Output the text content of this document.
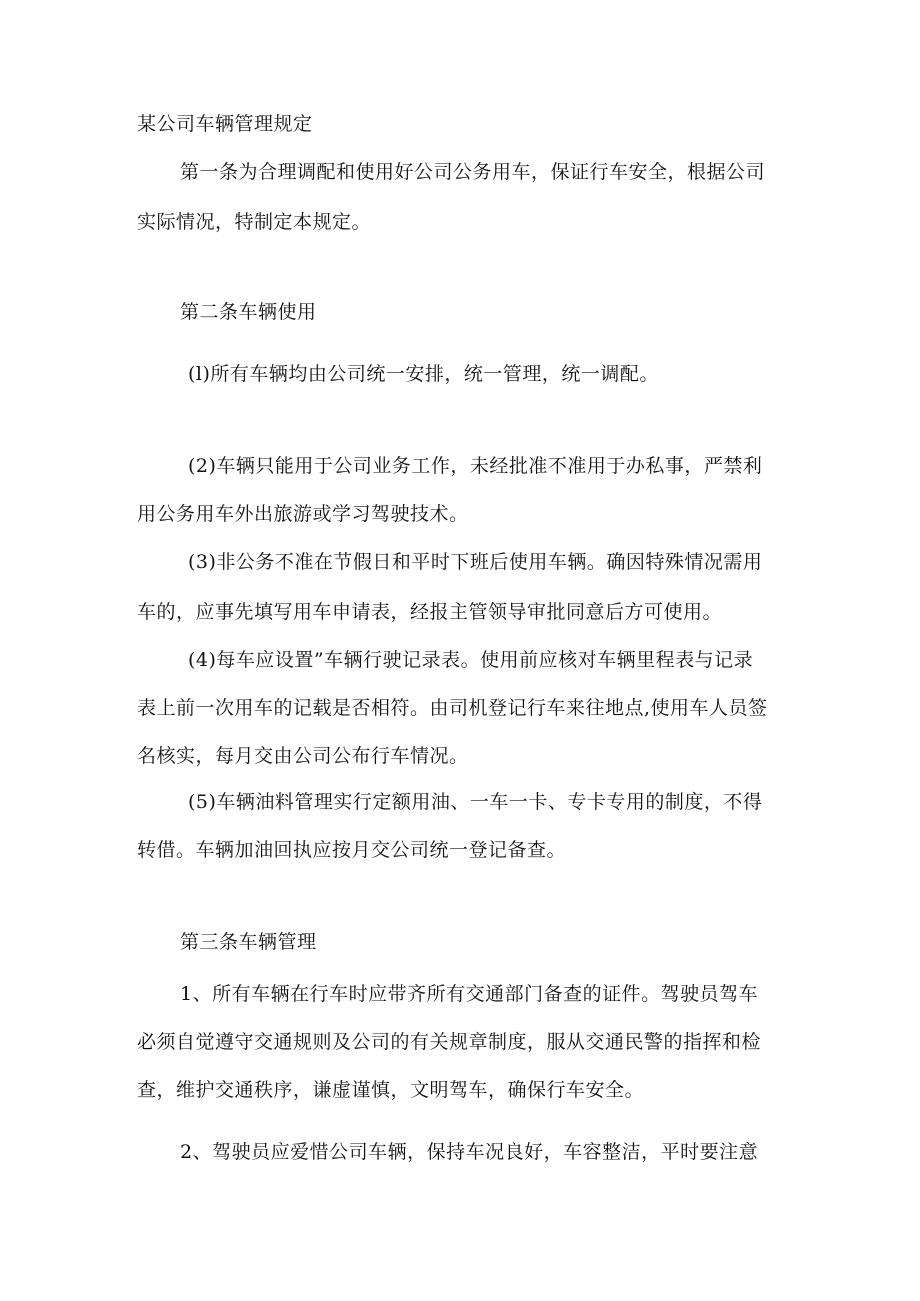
某公司车辆管理规定

第一条为合理调配和使用好公司公务用车，保证行车安全，根据公司

实际情况，特制定本规定。

第二条车辆使用

(l)所有车辆均由公司统一安排，统一管理，统一调配。

(2)车辆只能用于公司业务工作，未经批准不准用于办私事，严禁利

用公务用车外出旅游或学习驾驶技术。

(3)非公务不准在节假日和平时下班后使用车辆。确因特殊情况需用

车的，应事先填写用车申请表，经报主管领导审批同意后方可使用。

(4)每车应设置”车辆行驶记录表。使用前应核对车辆里程表与记录

表上前一次用车的记载是否相符。由司机登记行车来往地点,使用车人员签

名核实，每月交由公司公布行车情况。

(5)车辆油料管理实行定额用油、一车一卡、专卡专用的制度，不得

转借。车辆加油回执应按月交公司统一登记备查。

第三条车辆管理

1、所有车辆在行车时应带齐所有交通部门备查的证件。驾驶员驾车

必须自觉遵守交通规则及公司的有关规章制度，服从交通民警的指挥和检

查，维护交通秩序，谦虚谨慎，文明驾车，确保行车安全。

2、驾驶员应爱惜公司车辆，保持车况良好，车容整洁，平时要注意
